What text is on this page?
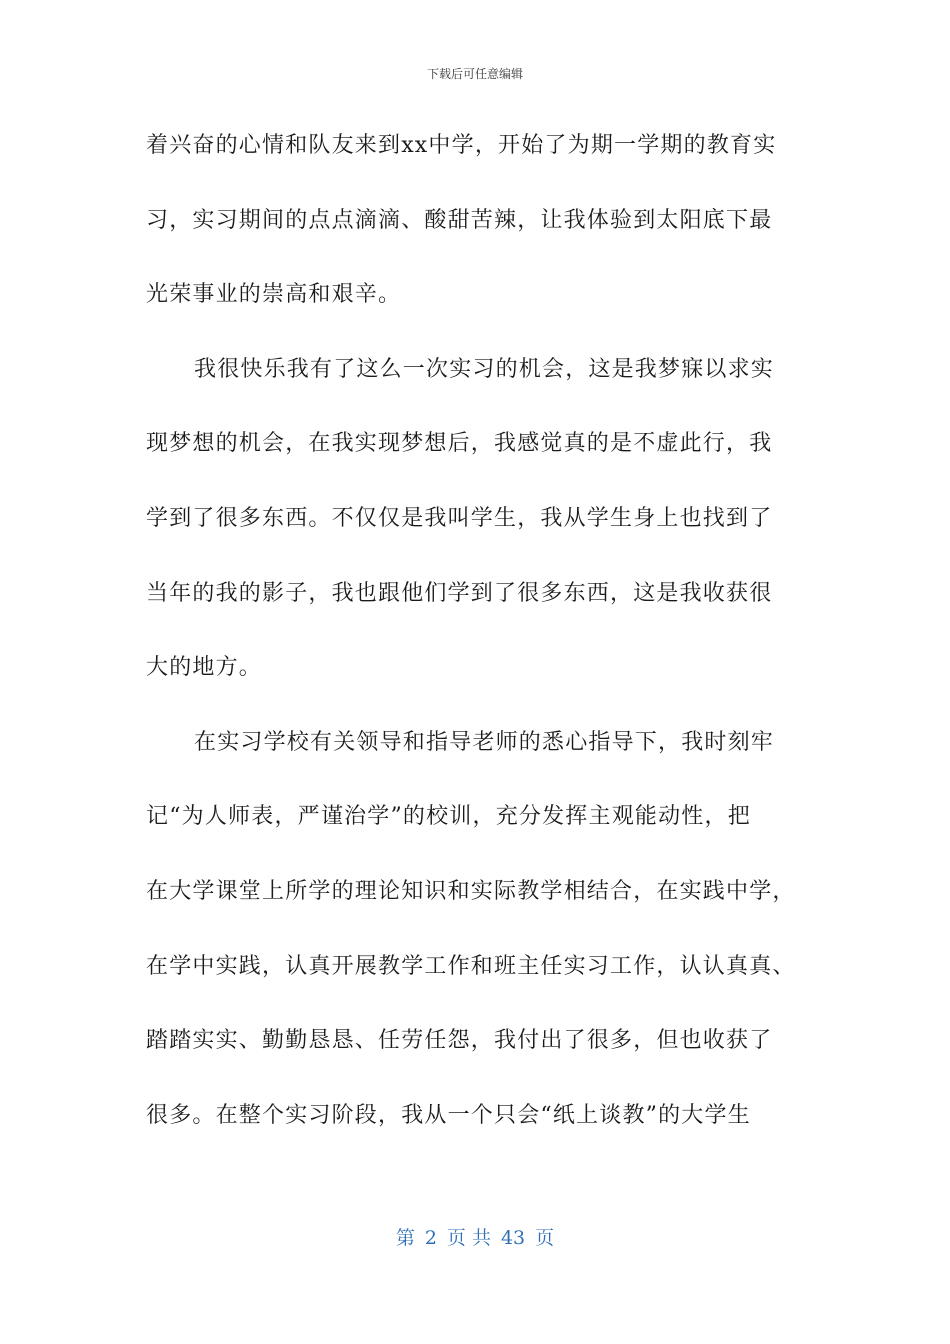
下载后可任意编辑
着兴奋的心情和队友来到xx中学，开始了为期一学期的教育实
习，实习期间的点点滴滴、酸甜苦辣，让我体验到太阳底下最
光荣事业的崇高和艰辛。
我很快乐我有了这么一次实习的机会，这是我梦寐以求实
现梦想的机会，在我实现梦想后，我感觉真的是不虚此行，我
学到了很多东西。不仅仅是我叫学生，我从学生身上也找到了
当年的我的影子，我也跟他们学到了很多东西，这是我收获很
大的地方。
在实习学校有关领导和指导老师的悉心指导下，我时刻牢
记“为人师表，严谨治学”的校训，充分发挥主观能动性，把
在大学课堂上所学的理论知识和实际教学相结合，在实践中学，
在学中实践，认真开展教学工作和班主任实习工作，认认真真、
踏踏实实、勤勤恳恳、任劳任怨，我付出了很多，但也收获了
很多。在整个实习阶段，我从一个只会“纸上谈教”的大学生
第 2 页 共 43 页
